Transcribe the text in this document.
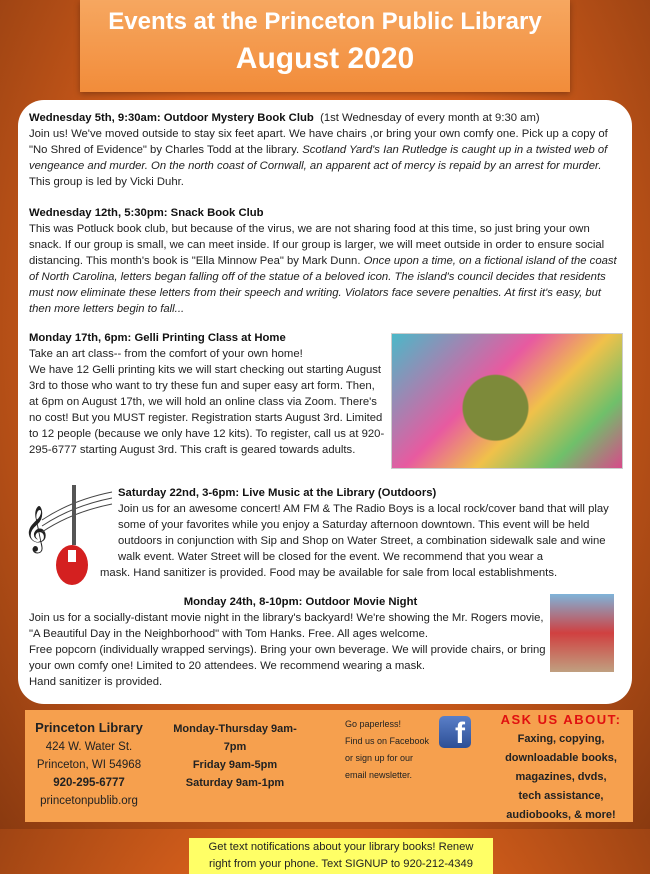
Events at the Princeton Public Library
August 2020
Wednesday 5th, 9:30am: Outdoor Mystery Book Club (1st Wednesday of every month at 9:30 am)
Join us! We've moved outside to stay six feet apart. We have chairs ,or bring your own comfy one. Pick up a copy of "No Shred of Evidence" by Charles Todd at the library. Scotland Yard's Ian Rutledge is caught up in a twisted web of vengeance and murder. On the north coast of Cornwall, an apparent act of mercy is repaid by an arrest for murder.   This group is led by Vicki Duhr.
Wednesday 12th, 5:30pm: Snack Book Club
This was Potluck book club, but because of the virus, we are not sharing food at this time, so just bring your own snack. If our group is small, we can meet inside. If our group is larger, we will meet outside in order to ensure social distancing. This month's book is "Ella Minnow Pea" by Mark Dunn. Once upon a time, on a fictional island of the coast of North Carolina, letters began falling off of the statue of a beloved icon. The island's council decides that residents must now eliminate these letters from their speech and writing. Violators face severe penalties. At first it's easy, but then more letters begin to fall...
Monday 17th, 6pm: Gelli Printing Class at Home
Take an art class-- from the comfort of your own home!
We have 12 Gelli printing kits we will start checking out starting August 3rd to those who want to try these fun and super easy art form. Then, at 6pm on August 17th, we will hold an online class via Zoom. There's no cost! But you MUST register. Registration starts August 3rd. Limited to 12 people (because we only have 12 kits). To register, call us at 920-295-6777 starting August 3rd. This craft is geared towards adults.
𝄞
Saturday 22nd, 3-6pm: Live Music at the Library (Outdoors)
Join us for an awesome concert! AM FM & The Radio Boys is a local rock/cover band that will play some of your favorites while you enjoy a Saturday afternoon downtown. This event will be held outdoors in conjunction with Sip and Shop on Water Street, a combination sidewalk sale and wine walk event. Water Street will be closed for the event. We recommend that you wear a
mask. Hand sanitizer is provided. Food may be available for sale from local establishments.
Monday 24th, 8-10pm: Outdoor Movie Night
Join us for a socially-distant movie night in the library's backyard! We're showing the Mr. Rogers movie, "A Beautiful Day in the Neighborhood" with Tom Hanks. Free. All ages welcome.
Free popcorn (individually wrapped servings). Bring your own beverage. We will provide chairs, or bring your own comfy one! Limited to 20 attendees. We recommend wearing a mask.
Hand sanitizer is provided.
Princeton Library
424 W. Water St.
Princeton, WI 54968
920-295-6777
princetonpublib.org
Monday-Thursday 9am-7pm
Friday 9am-5pm
Saturday 9am-1pm
Go paperless!
Find us on Facebook
or sign up for our
email newsletter.
f
Get text notifications about your library books! Renew
right from your phone. Text SIGNUP to 920-212-4349
ASK US ABOUT:
Faxing, copying,
downloadable books,
magazines, dvds,
tech assistance,
audiobooks, & more!
